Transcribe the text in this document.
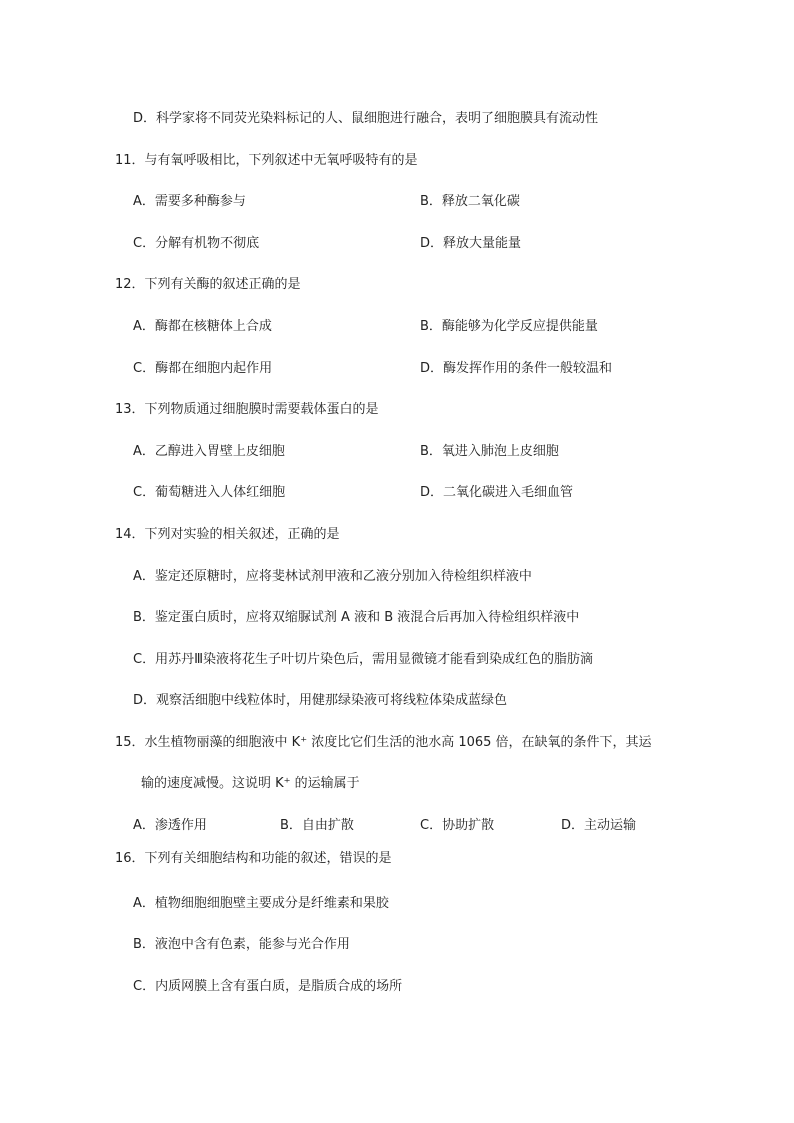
D．科学家将不同荧光染料标记的人、鼠细胞进行融合，表明了细胞膜具有流动性
11．与有氧呼吸相比，下列叙述中无氧呼吸特有的是
A．需要多种酶参与	B．释放二氧化碳
C．分解有机物不彻底	D．释放大量能量
12．下列有关酶的叙述正确的是
A．酶都在核糖体上合成	B．酶能够为化学反应提供能量
C．酶都在细胞内起作用	D．酶发挥作用的条件一般较温和
13．下列物质通过细胞膜时需要载体蛋白的是
A．乙醇进入胃壁上皮细胞	B．氧进入肺泡上皮细胞
C．葡萄糖进入人体红细胞	D．二氧化碳进入毛细血管
14．下列对实验的相关叙述，正确的是
A．鉴定还原糖时，应将斐林试剂甲液和乙液分别加入待检组织样液中
B．鉴定蛋白质时，应将双缩脲试剂 A 液和 B 液混合后再加入待检组织样液中
C．用苏丹Ⅲ染液将花生子叶切片染色后，需用显微镜才能看到染成红色的脂肪滴
D．观察活细胞中线粒体时，用健那绿染液可将线粒体染成蓝绿色
15．水生植物丽藻的细胞液中 K⁺ 浓度比它们生活的池水高 1065 倍，在缺氧的条件下，其运
输的速度减慢。这说明 K⁺ 的运输属于
A．渗透作用	B．自由扩散	C．协助扩散	D．主动运输
16．下列有关细胞结构和功能的叙述，错误的是
A．植物细胞细胞壁主要成分是纤维素和果胶
B．液泡中含有色素，能参与光合作用
C．内质网膜上含有蛋白质，是脂质合成的场所
